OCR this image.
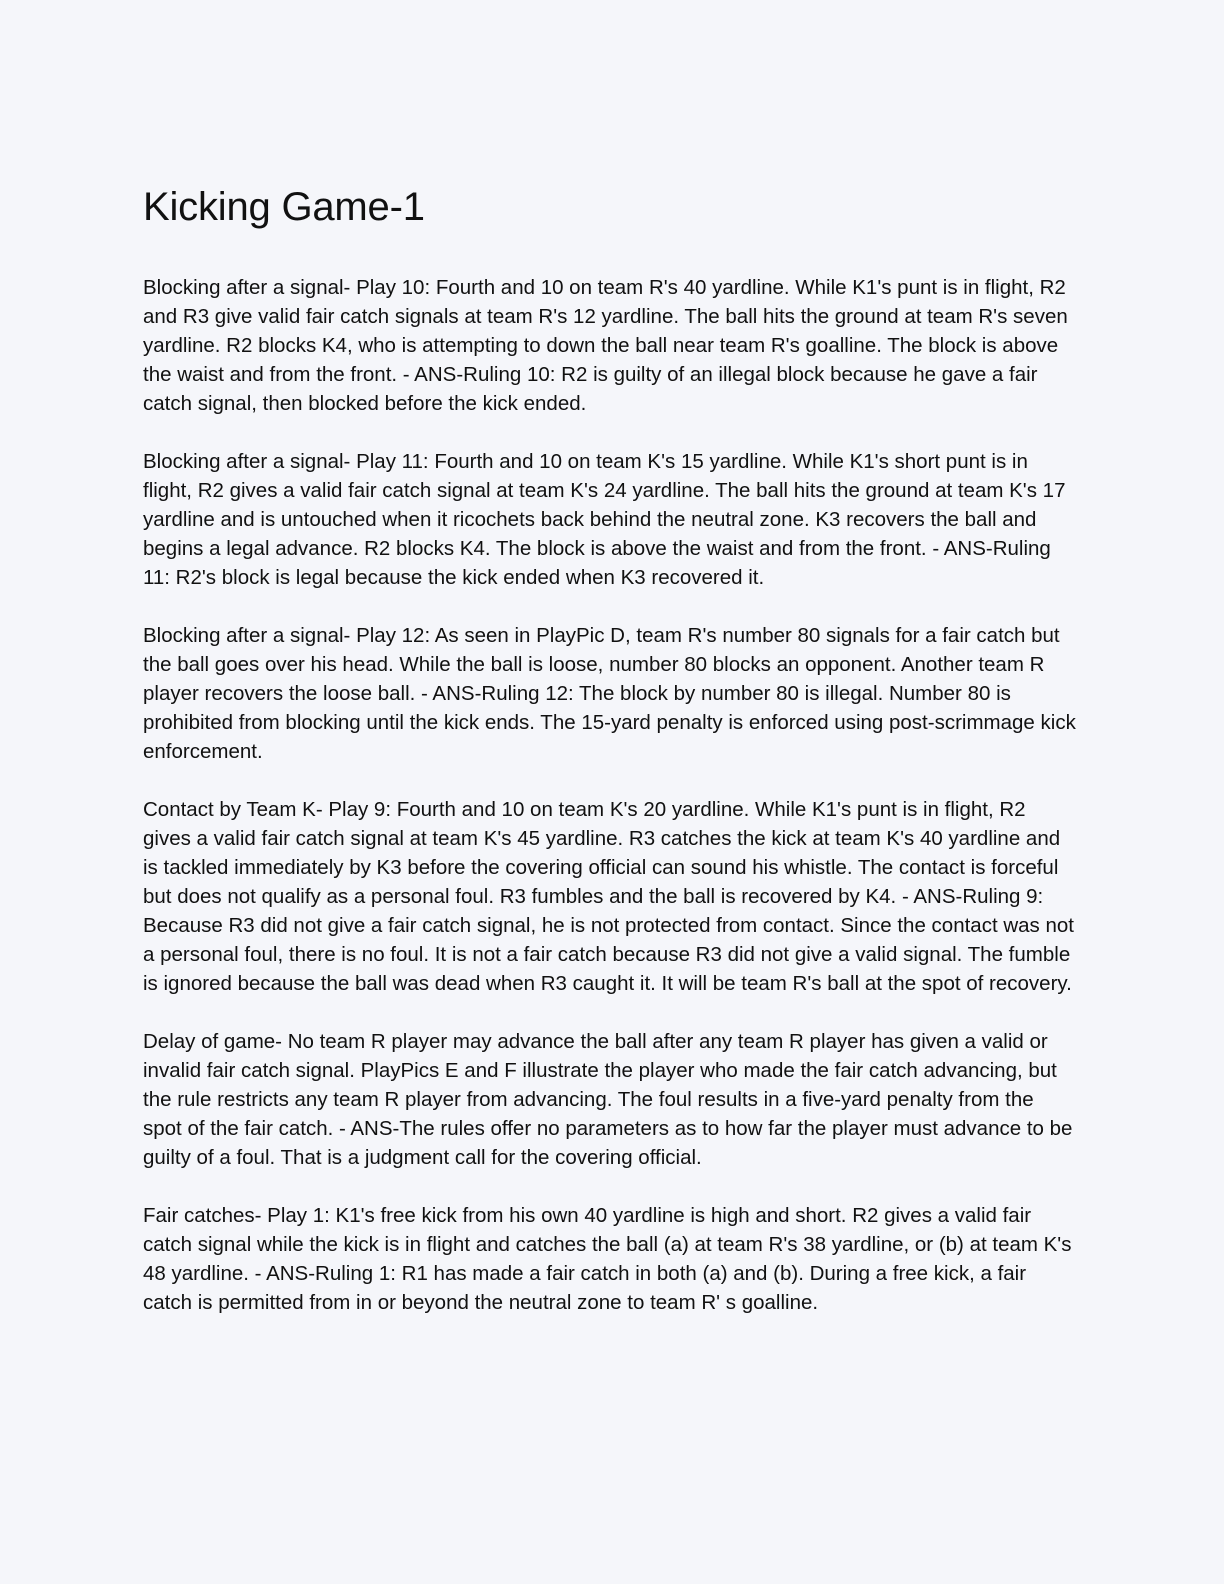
Kicking Game-1

Blocking after a signal- Play 10: Fourth and 10 on team R's 40 yardline. While K1's punt is in flight, R2 and R3 give valid fair catch signals at team R's 12 yardline. The ball hits the ground at team R's seven yardline. R2 blocks K4, who is attempting to down the ball near team R's goalline. The block is above the waist and from the front. - ANS-Ruling 10: R2 is guilty of an illegal block because he gave a fair catch signal, then blocked before the kick ended.

Blocking after a signal- Play 11: Fourth and 10 on team K's 15 yardline. While K1's short punt is in flight, R2 gives a valid fair catch signal at team K's 24 yardline. The ball hits the ground at team K's 17 yardline and is untouched when it ricochets back behind the neutral zone. K3 recovers the ball and begins a legal advance. R2 blocks K4. The block is above the waist and from the front. - ANS-Ruling 11: R2's block is legal because the kick ended when K3 recovered it.

Blocking after a signal- Play 12: As seen in PlayPic D, team R's number 80 signals for a fair catch but the ball goes over his head. While the ball is loose, number 80 blocks an opponent. Another team R player recovers the loose ball. - ANS-Ruling 12: The block by number 80 is illegal. Number 80 is prohibited from blocking until the kick ends. The 15-yard penalty is enforced using post-scrimmage kick enforcement.

Contact by Team K- Play 9: Fourth and 10 on team K's 20 yardline. While K1's punt is in flight, R2 gives a valid fair catch signal at team K's 45 yardline. R3 catches the kick at team K's 40 yardline and is tackled immediately by K3 before the covering official can sound his whistle. The contact is forceful but does not qualify as a personal foul. R3 fumbles and the ball is recovered by K4. - ANS-Ruling 9: Because R3 did not give a fair catch signal, he is not protected from contact. Since the contact was not a personal foul, there is no foul. It is not a fair catch because R3 did not give a valid signal. The fumble is ignored because the ball was dead when R3 caught it. It will be team R's ball at the spot of recovery.

Delay of game- No team R player may advance the ball after any team R player has given a valid or invalid fair catch signal. PlayPics E and F illustrate the player who made the fair catch advancing, but the rule restricts any team R player from advancing. The foul results in a five-yard penalty from the spot of the fair catch. - ANS-The rules offer no parameters as to how far the player must advance to be guilty of a foul. That is a judgment call for the covering official.

Fair catches- Play 1: K1's free kick from his own 40 yardline is high and short. R2 gives a valid fair catch signal while the kick is in flight and catches the ball (a) at team R's 38 yardline, or (b) at team K's 48 yardline. - ANS-Ruling 1: R1 has made a fair catch in both (a) and (b). During a free kick, a fair catch is permitted from in or beyond the neutral zone to team R' s goalline.
